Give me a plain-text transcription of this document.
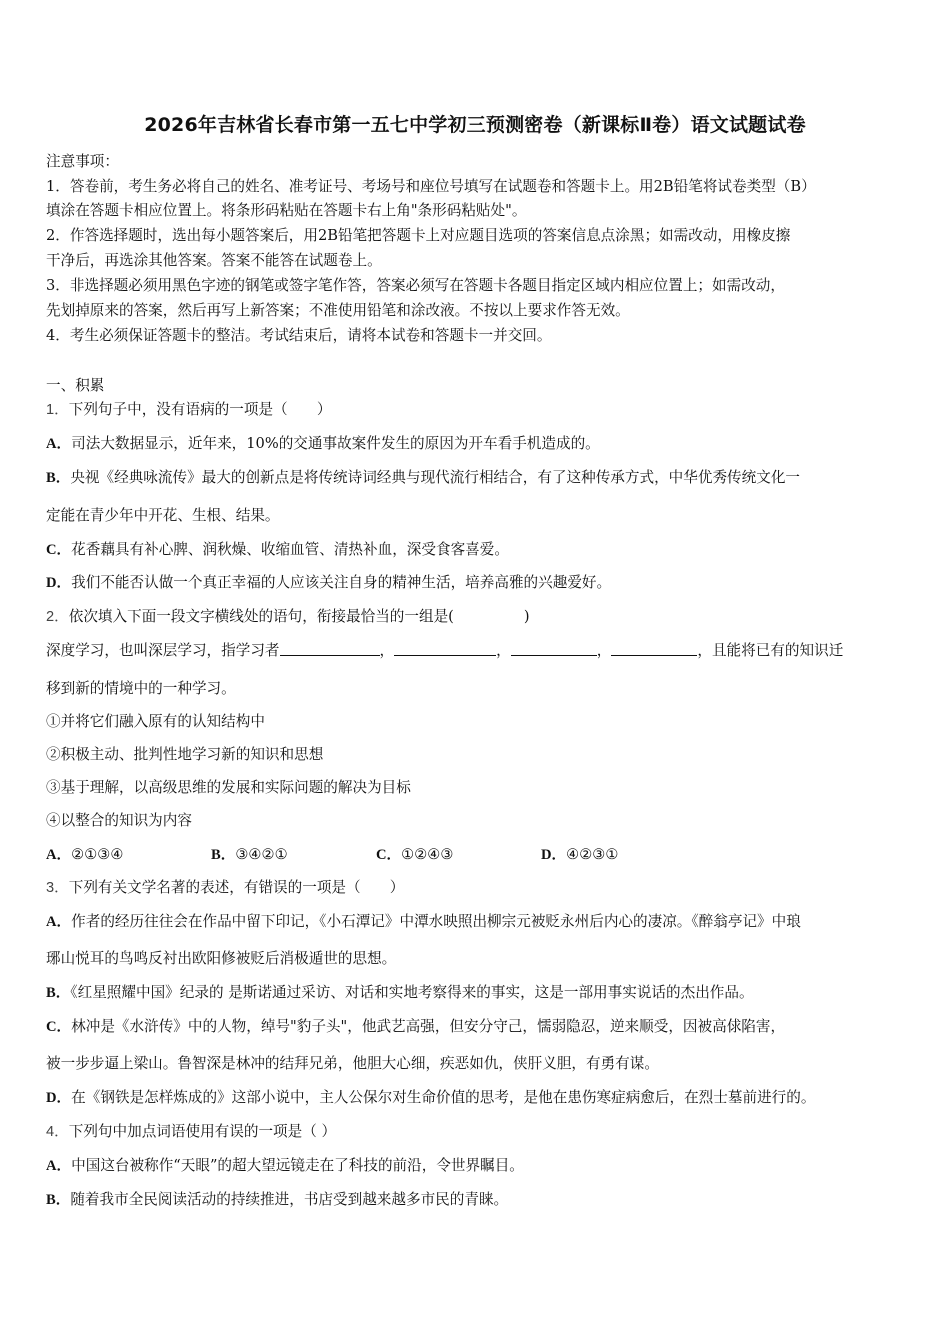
2026年吉林省长春市第一五七中学初三预测密卷（新课标Ⅱ卷）语文试题试卷
注意事项：
1．答卷前，考生务必将自己的姓名、准考证号、考场号和座位号填写在试题卷和答题卡上。用2B铅笔将试卷类型（B）
填涂在答题卡相应位置上。将条形码粘贴在答题卡右上角"条形码粘贴处"。
2．作答选择题时，选出每小题答案后，用2B铅笔把答题卡上对应题目选项的答案信息点涂黑；如需改动，用橡皮擦
干净后，再选涂其他答案。答案不能答在试题卷上。
3．非选择题必须用黑色字迹的钢笔或签字笔作答，答案必须写在答题卡各题目指定区域内相应位置上；如需改动，
先划掉原来的答案，然后再写上新答案；不准使用铅笔和涂改液。不按以上要求作答无效。
4．考生必须保证答题卡的整洁。考试结束后，请将本试卷和答题卡一并交回。
一、积累
1．下列句子中，没有语病的一项是（　　）
A．司法大数据显示，近年来，10%的交通事故案件发生的原因为开车看手机造成的。
B．央视《经典咏流传》最大的创新点是将传统诗词经典与现代流行相结合，有了这种传承方式，中华优秀传统文化一
定能在青少年中开花、生根、结果。
C．花香藕具有补心脾、润秋燥、收缩血管、清热补血，深受食客喜爱。
D．我们不能否认做一个真正幸福的人应该关注自身的精神生活，培养高雅的兴趣爱好。
2．依次填入下面一段文字横线处的语句，衔接最恰当的一组是(	)
深度学习，也叫深层学习，指学习者	，	，	，	，且能将已有的知识迁
移到新的情境中的一种学习。
①并将它们融入原有的认知结构中
②积极主动、批判性地学习新的知识和思想
③基于理解，以高级思维的发展和实际问题的解决为目标
④以整合的知识为内容
A．②①③④	B．③④②①	C．①②④③	D．④②③①
3．下列有关文学名著的表述，有错误的一项是（　　）
A．作者的经历往往会在作品中留下印记，《小石潭记》中潭水映照出柳宗元被贬永州后内心的凄凉。《醉翁亭记》中琅
琊山悦耳的鸟鸣反衬出欧阳修被贬后消极遁世的思想。
B．《红星照耀中国》纪录的 是斯诺通过采访、对话和实地考察得来的事实，这是一部用事实说话的杰出作品。
C．林冲是《水浒传》中的人物，绰号"豹子头"，他武艺高强，但安分守己，懦弱隐忍，逆来顺受，因被高俅陷害，
被一步步逼上梁山。鲁智深是林冲的结拜兄弟，他胆大心细，疾恶如仇，侠肝义胆，有勇有谋。
D．在《钢铁是怎样炼成的》这部小说中，主人公保尔对生命价值的思考，是他在患伤寒症病愈后，在烈士墓前进行的。
4．下列句中加点词语使用有误的一项是（ ）
A．中国这台被称作“天眼”的超大望远镜走在了科技的前沿，令世界瞩目。
B．随着我市全民阅读活动的持续推进，书店受到越来越多市民的青睐。
